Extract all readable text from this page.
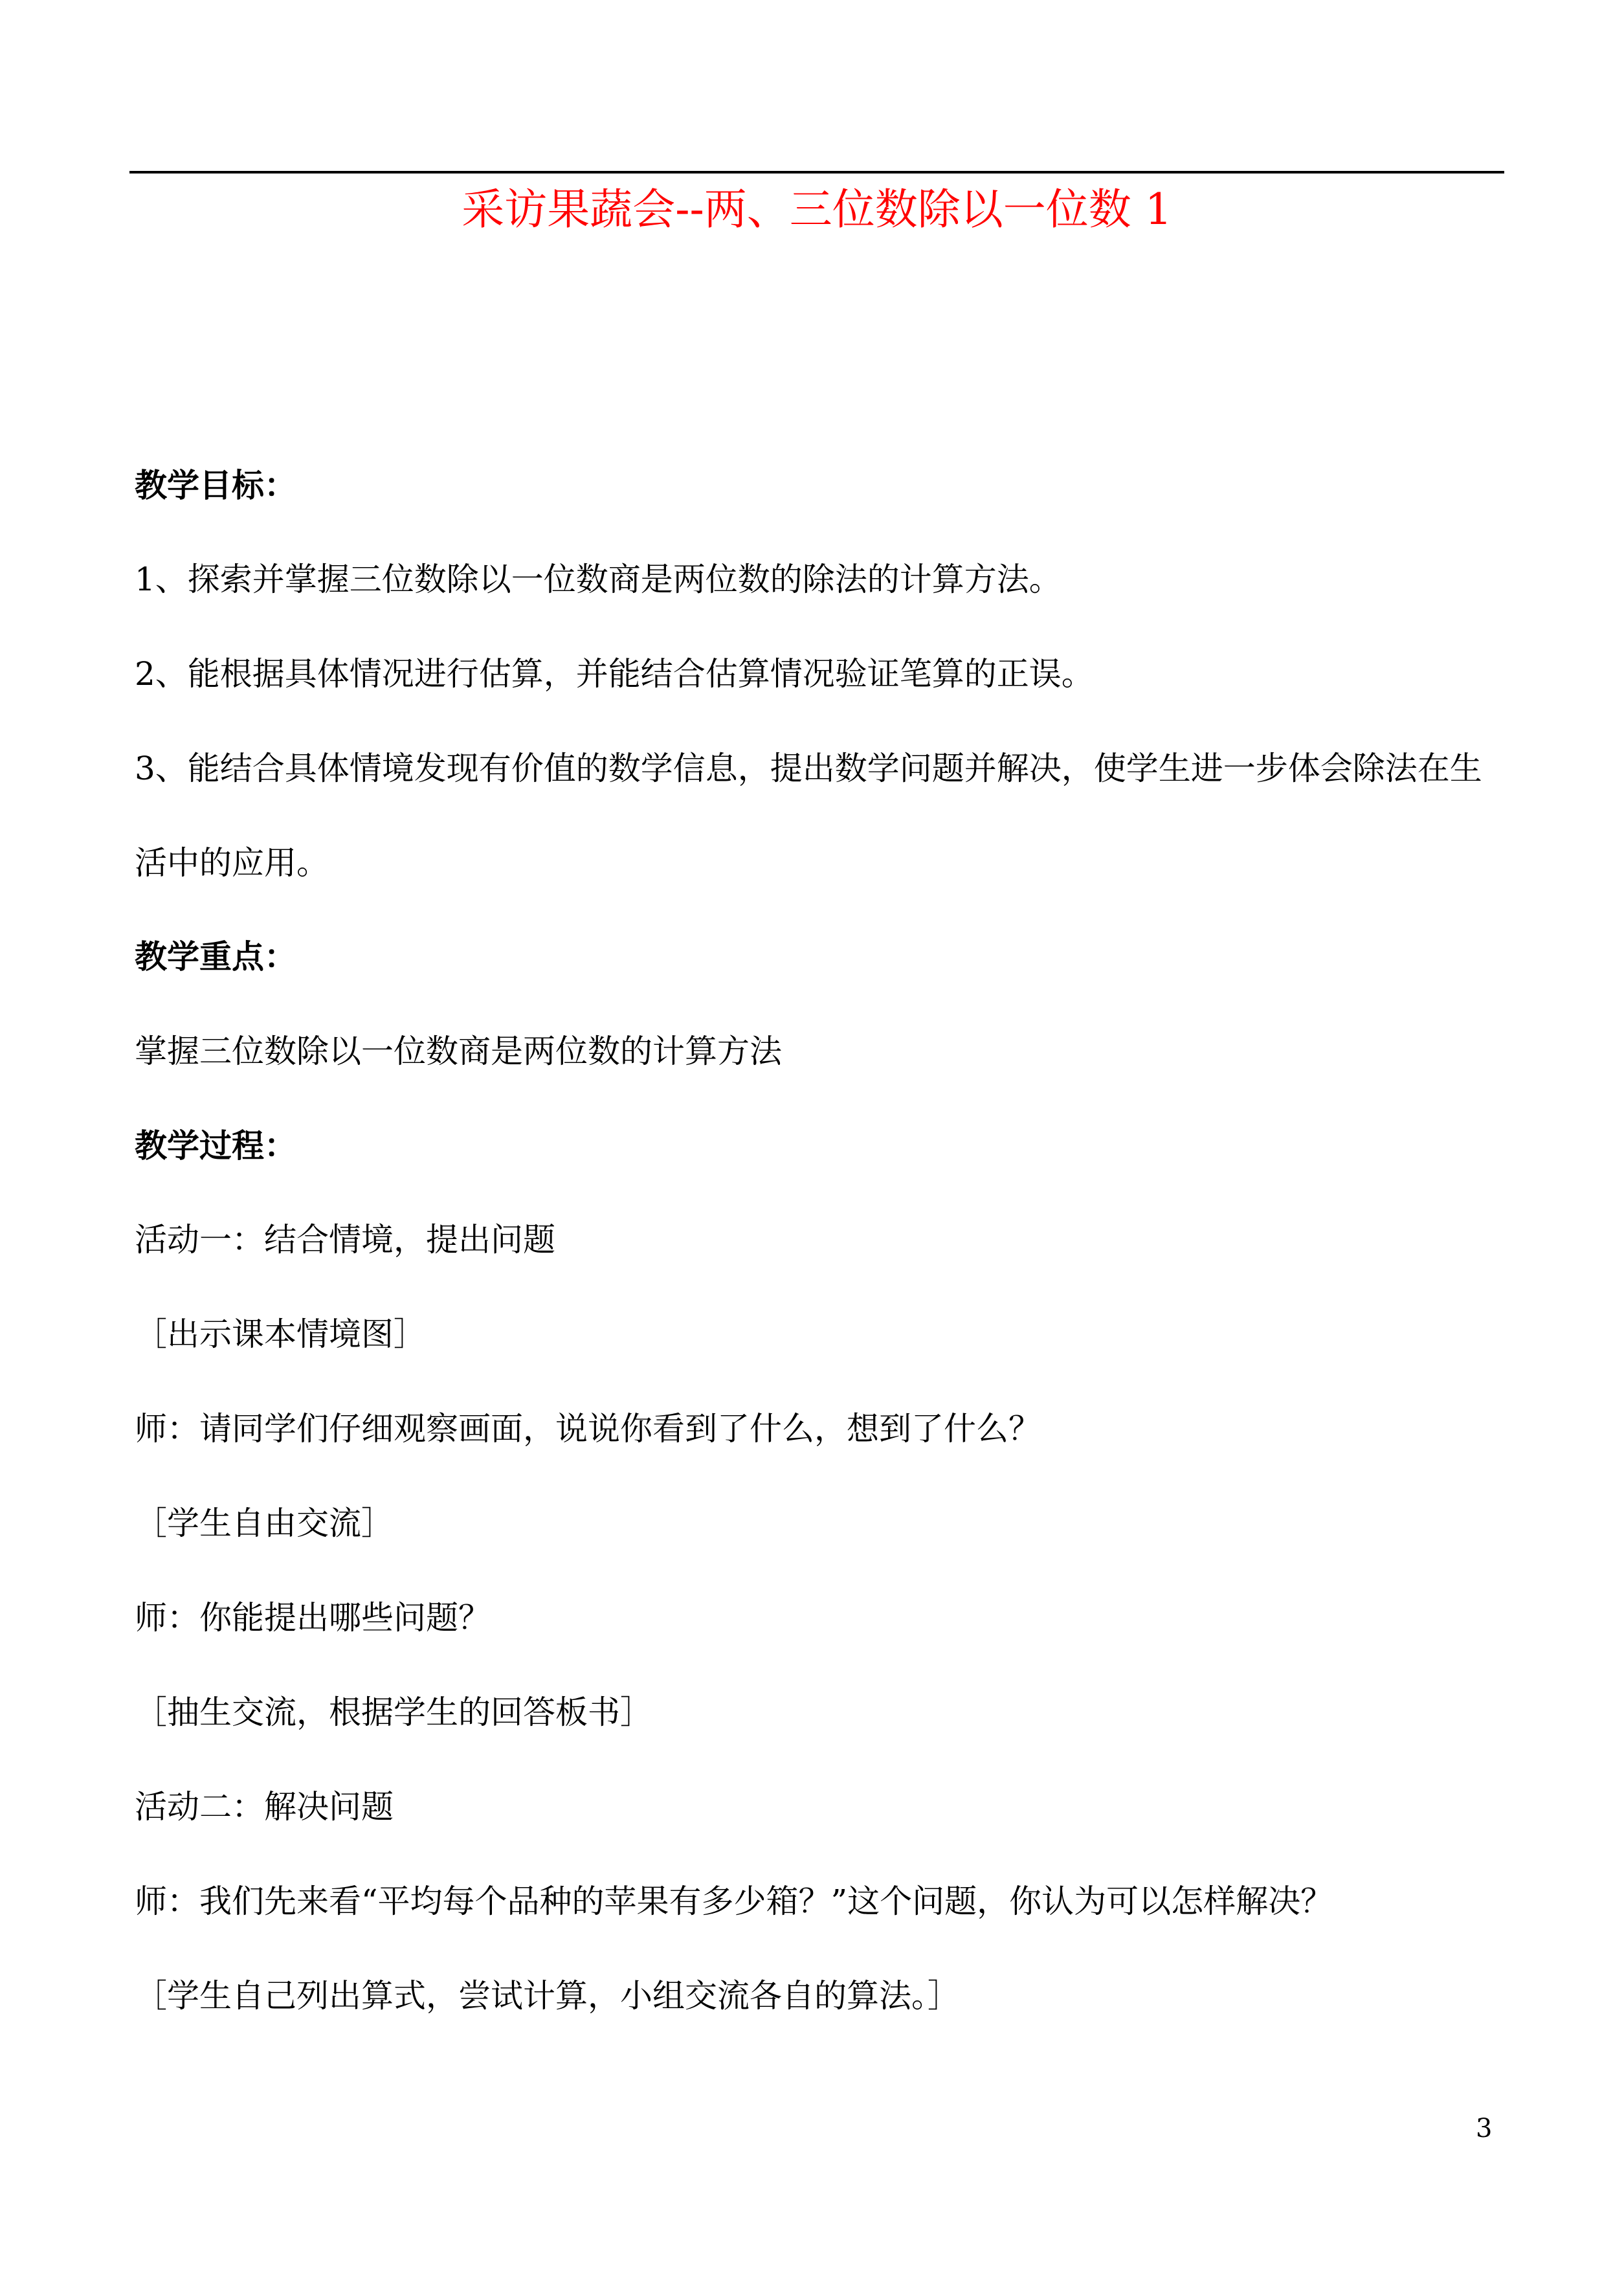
采访果蔬会--两、三位数除以一位数 1
教学目标：
1、探索并掌握三位数除以一位数商是两位数的除法的计算方法。
2、能根据具体情况进行估算，并能结合估算情况验证笔算的正误。
3、能结合具体情境发现有价值的数学信息，提出数学问题并解决，使学生进一步体会除法在生
活中的应用。
教学重点：
掌握三位数除以一位数商是两位数的计算方法
教学过程：
活动一：结合情境，提出问题
［出示课本情境图］
师：请同学们仔细观察画面，说说你看到了什么，想到了什么？
［学生自由交流］
师：你能提出哪些问题？
［抽生交流，根据学生的回答板书］
活动二：解决问题
师：我们先来看“平均每个品种的苹果有多少箱？”这个问题，你认为可以怎样解决？
［学生自己列出算式，尝试计算，小组交流各自的算法。］
3
